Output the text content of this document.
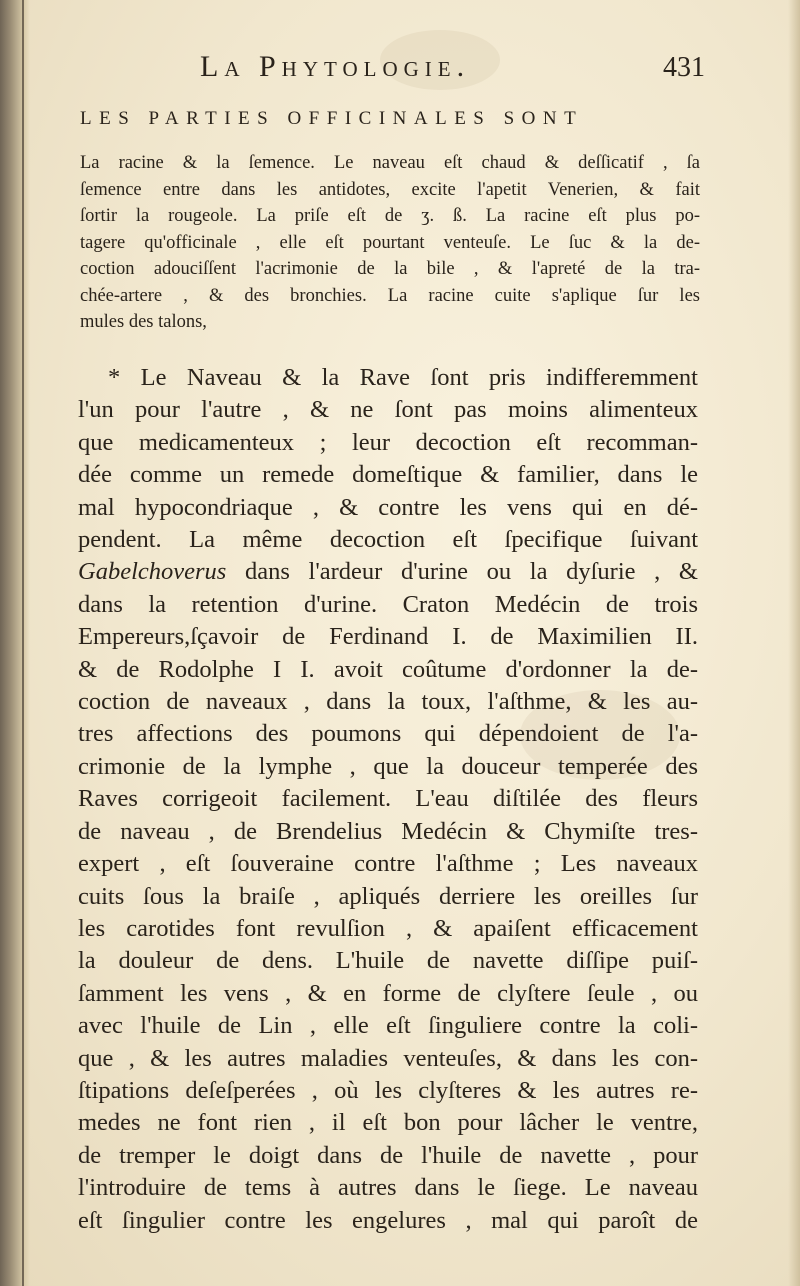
La Phytologie.	431
LES PARTIES OFFICINALES SONT
La racine & la ſemence. Le naveau eſt chaud & deſſicatif , ſa
ſemence entre dans les antidotes, excite l'apetit Venerien, & fait
ſortir la rougeole. La priſe eſt de ʒ. ß. La racine eſt plus po-
tagere qu'officinale , elle eſt pourtant venteuſe. Le ſuc & la de-
coction adouciſſent l'acrimonie de la bile , & l'apreté de la tra-
chée-artere , & des bronchies. La racine cuite s'aplique ſur les
mules des talons,
* Le Naveau & la Rave ſont pris indifferemment
l'un pour l'autre , & ne ſont pas moins alimenteux
que medicamenteux ; leur decoction eſt recomman-
dée comme un remede domeſtique & familier, dans le
mal hypocondriaque , & contre les vens qui en dé-
pendent. La même decoction eſt ſpecifique ſuivant
Gabelchoverus dans l'ardeur d'urine ou la dyſurie , &
dans la retention d'urine. Craton Medécin de trois
Empereurs,ſçavoir de Ferdinand I. de Maximilien II.
& de Rodolphe I I. avoit coûtume d'ordonner la de-
coction de naveaux , dans la toux, l'aſthme, & les au-
tres affections des poumons qui dépendoient de l'a-
crimonie de la lymphe , que la douceur temperée des
Raves corrigeoit facilement. L'eau diſtilée des fleurs
de naveau , de Brendelius Medécin & Chymiſte tres-
expert , eſt ſouveraine contre l'aſthme ; Les naveaux
cuits ſous la braiſe , apliqués derriere les oreilles ſur
les carotides font revulſion , & apaiſent efficacement
la douleur de dens. L'huile de navette diſſipe puiſ-
ſamment les vens , & en forme de clyſtere ſeule , ou
avec l'huile de Lin , elle eſt ſinguliere contre la coli-
que , & les autres maladies venteuſes, & dans les con-
ſtipations deſeſperées , où les clyſteres & les autres re-
medes ne font rien , il eſt bon pour lâcher le ventre,
de tremper le doigt dans de l'huile de navette , pour
l'introduire de tems à autres dans le ſiege. Le naveau
eſt ſingulier contre les engelures , mal qui paroît de
